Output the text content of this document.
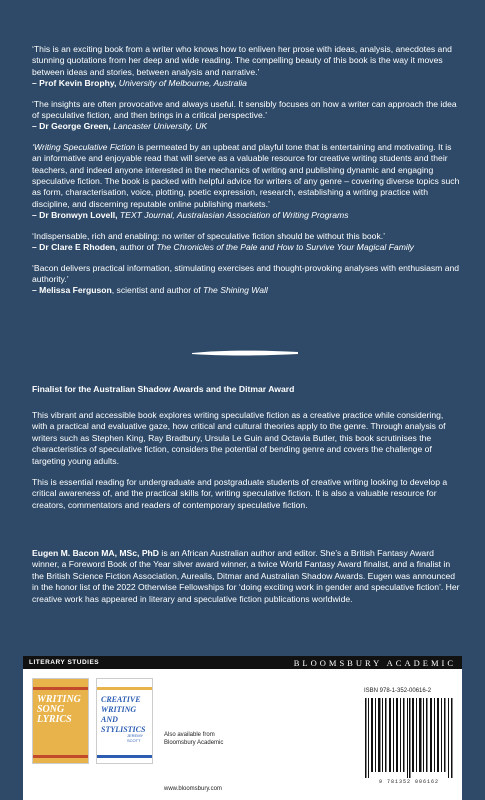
‘This is an exciting book from a writer who knows how to enliven her prose with ideas, analysis, anecdotes and stunning quotations from her deep and wide reading. The compelling beauty of this book is the way it moves between ideas and stories, between analysis and narrative.’
– Prof Kevin Brophy, University of Melbourne, Australia
‘The insights are often provocative and always useful. It sensibly focuses on how a writer can approach the idea of speculative fiction, and then brings in a critical perspective.’
– Dr George Green, Lancaster University, UK
‘Writing Speculative Fiction is permeated by an upbeat and playful tone that is entertaining and motivating. It is an informative and enjoyable read that will serve as a valuable resource for creative writing students and their teachers, and indeed anyone interested in the mechanics of writing and publishing dynamic and engaging speculative fiction. The book is packed with helpful advice for writers of any genre – covering diverse topics such as form, characterisation, voice, plotting, poetic expression, research, establishing a writing practice with discipline, and discerning reputable online publishing markets.’
– Dr Bronwyn Lovell, TEXT Journal, Australasian Association of Writing Programs
‘Indispensable, rich and enabling: no writer of speculative fiction should be without this book.’
– Dr Clare E Rhoden, author of The Chronicles of the Pale and How to Survive Your Magical Family
‘Bacon delivers practical information, stimulating exercises and thought-provoking analyses with enthusiasm and authority.’
– Melissa Ferguson, scientist and author of The Shining Wall
Finalist for the Australian Shadow Awards and the Ditmar Award

This vibrant and accessible book explores writing speculative fiction as a creative practice while considering, with a practical and evaluative gaze, how critical and cultural theories apply to the genre. Through analysis of writers such as Stephen King, Ray Bradbury, Ursula Le Guin and Octavia Butler, this book scrutinises the characteristics of speculative fiction, considers the potential of bending genre and covers the challenge of targeting young adults.

This is essential reading for undergraduate and postgraduate students of creative writing looking to develop a critical awareness of, and the practical skills for, writing speculative fiction. It is also a valuable resource for creators, commentators and readers of contemporary speculative fiction.

Eugen M. Bacon MA, MSc, PhD is an African Australian author and editor. She’s a British Fantasy Award winner, a Foreword Book of the Year silver award winner, a twice World Fantasy Award finalist, and a finalist in the British Science Fiction Association, Aurealis, Ditmar and Australian Shadow Awards. Eugen was announced in the honor list of the 2022 Otherwise Fellowships for ‘doing exciting work in gender and speculative fiction’. Her creative work has appeared in literary and speculative fiction publications worldwide.
LITERARY STUDIES	BLOOMSBURY ACADEMIC
WRITING SONG LYRICS
CREATIVE WRITING AND STYLISTICS
JEREMY SCOTT
Also available from Bloomsbury Academic
www.bloomsbury.com
ISBN 978-1-352-00616-2
9 781352 006162
